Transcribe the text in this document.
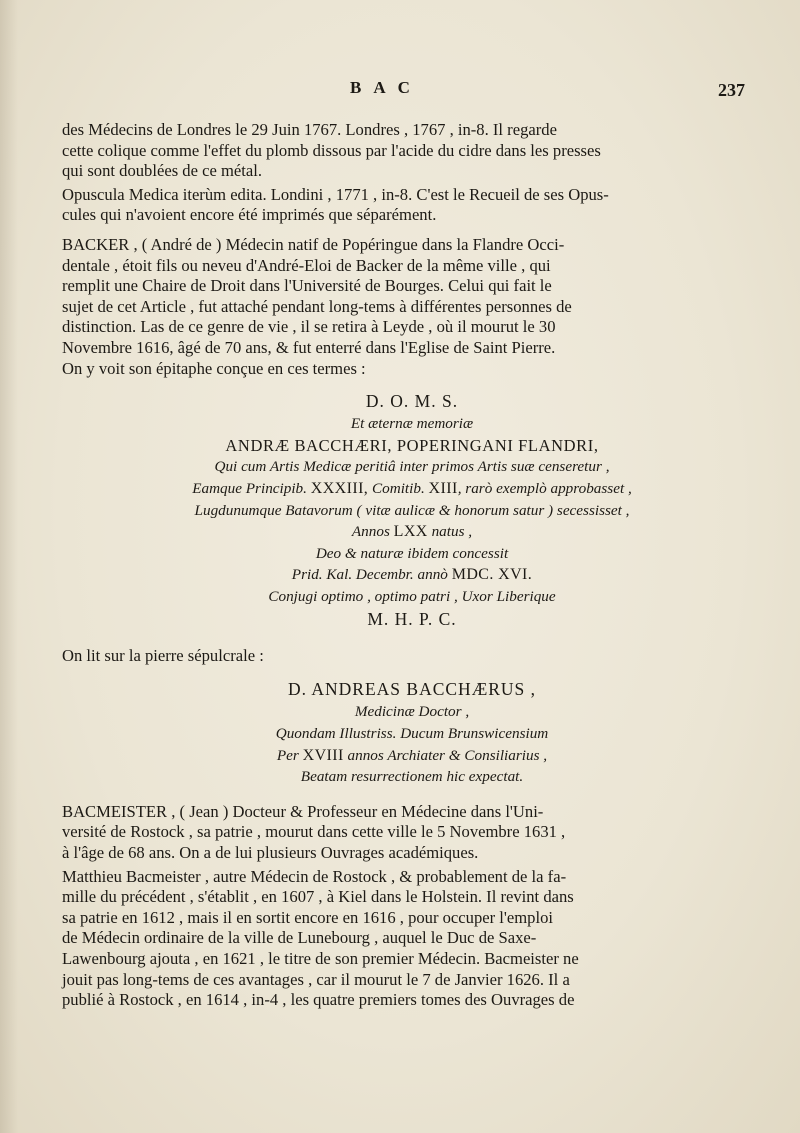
BAC	237

des Médecins de Londres le 29 Juin 1767. Londres , 1767 , in-8. Il regarde

cette colique comme l'effet du plomb dissous par l'acide du cidre dans les presses

qui sont doublées de ce métal.

Opuscula Medica iterùm edita. Londini , 1771 , in-8. C'est le Recueil de ses Opus-

cules qui n'avoient encore été imprimés que séparément.

BACKER , ( André de ) Médecin natif de Popéringue dans la Flandre Occi-

dentale , étoit fils ou neveu d'André-Eloi de Backer de la même ville , qui

remplit une Chaire de Droit dans l'Université de Bourges. Celui qui fait le

sujet de cet Article , fut attaché pendant long-tems à différentes personnes de

distinction. Las de ce genre de vie , il se retira à Leyde , où il mourut le 30

Novembre 1616, âgé de 70 ans, & fut enterré dans l'Eglise de Saint Pierre.

On y voit son épitaphe conçue en ces termes :

D. O. M. S.

Et æternæ memoriæ

ANDRÆ BACCHÆRI, POPERINGANI FLANDRI,

Qui cum Artis Medicæ peritiâ inter primos Artis suæ censeretur ,

Eamque Principib. XXXIII, Comitib. XIII, rarò exemplò approbasset ,

Lugdunumque Batavorum ( vitæ aulicæ & honorum satur ) secessisset ,

Annos LXX natus ,

Deo & naturæ ibidem concessit

Prid. Kal. Decembr. annò MDC. XVI.

Conjugi optimo , optimo patri , Uxor Liberique

M. H. P. C.

On lit sur la pierre sépulcrale :

D. ANDREAS BACCHÆRUS ,

Medicinæ Doctor ,

Quondam Illustriss. Ducum Brunswicensium

Per XVIII annos Archiater & Consiliarius ,

Beatam resurrectionem hic expectat.

BACMEISTER , ( Jean ) Docteur & Professeur en Médecine dans l'Uni-

versité de Rostock , sa patrie , mourut dans cette ville le 5 Novembre 1631 ,

à l'âge de 68 ans. On a de lui plusieurs Ouvrages académiques.

Matthieu Bacmeister , autre Médecin de Rostock , & probablement de la fa-

mille du précédent , s'établit , en 1607 , à Kiel dans le Holstein. Il revint dans

sa patrie en 1612 , mais il en sortit encore en 1616 , pour occuper l'emploi

de Médecin ordinaire de la ville de Lunebourg , auquel le Duc de Saxe-

Lawenbourg ajouta , en 1621 , le titre de son premier Médecin. Bacmeister ne

jouit pas long-tems de ces avantages , car il mourut le 7 de Janvier 1626. Il a

publié à Rostock , en 1614 , in-4 , les quatre premiers tomes des Ouvrages de
